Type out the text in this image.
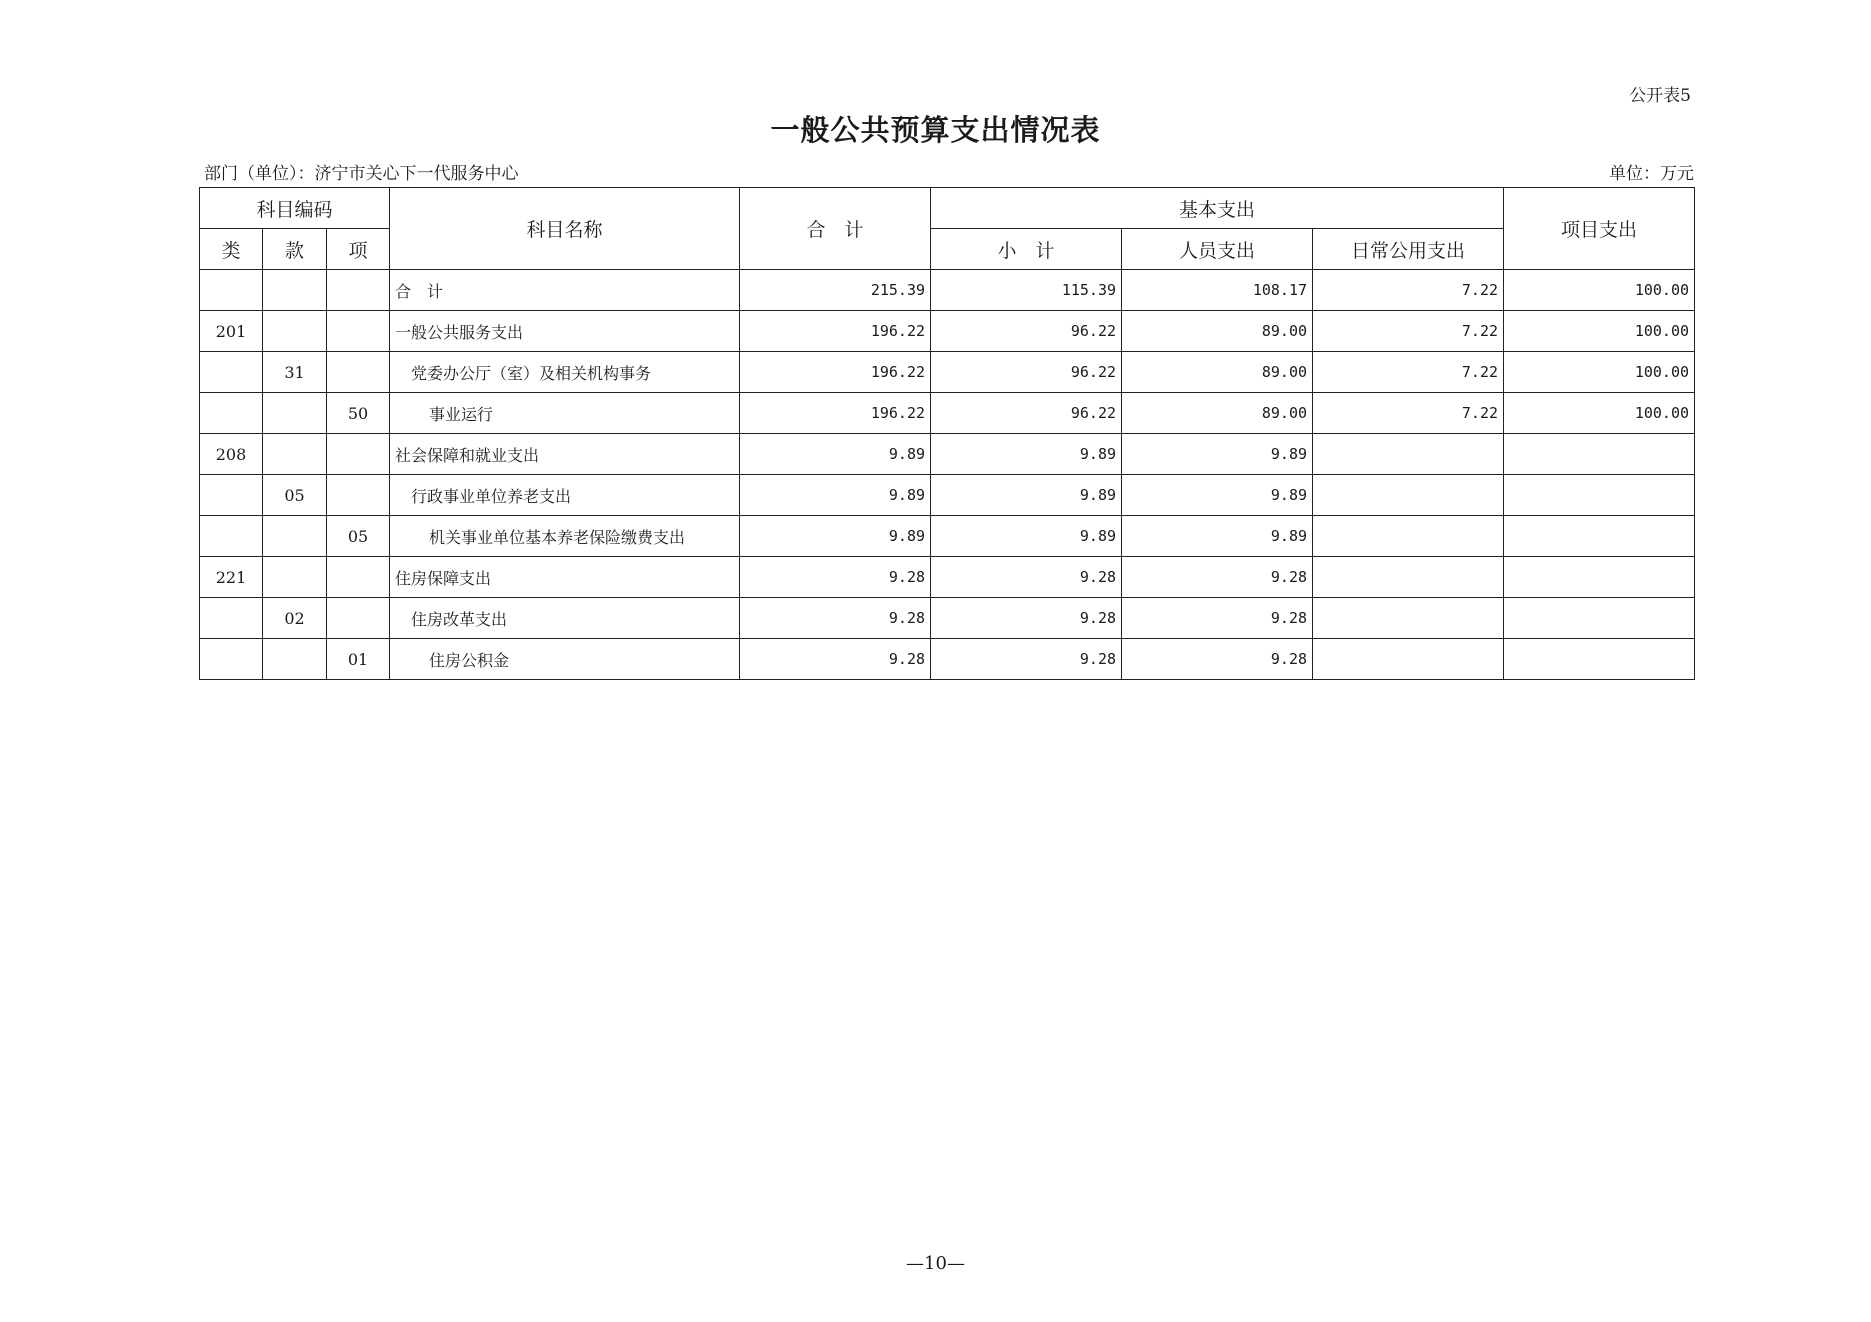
公开表5
一般公共预算支出情况表
部门（单位）：济宁市关心下一代服务中心	单位：万元
科目编码			科目名称	合　计	基本支出			项目支出
类	款	项			小　计	人员支出	日常公用支出	
			合　计	215.39	115.39	108.17	7.22	100.00
201			一般公共服务支出	196.22	96.22	89.00	7.22	100.00
	31		党委办公厅（室）及相关机构事务	196.22	96.22	89.00	7.22	100.00
		50	事业运行	196.22	96.22	89.00	7.22	100.00
208			社会保障和就业支出	9.89	9.89	9.89		
	05		行政事业单位养老支出	9.89	9.89	9.89		
		05	机关事业单位基本养老保险缴费支出	9.89	9.89	9.89		
221			住房保障支出	9.28	9.28	9.28		
	02		住房改革支出	9.28	9.28	9.28		
		01	住房公积金	9.28	9.28	9.28		
—10—
